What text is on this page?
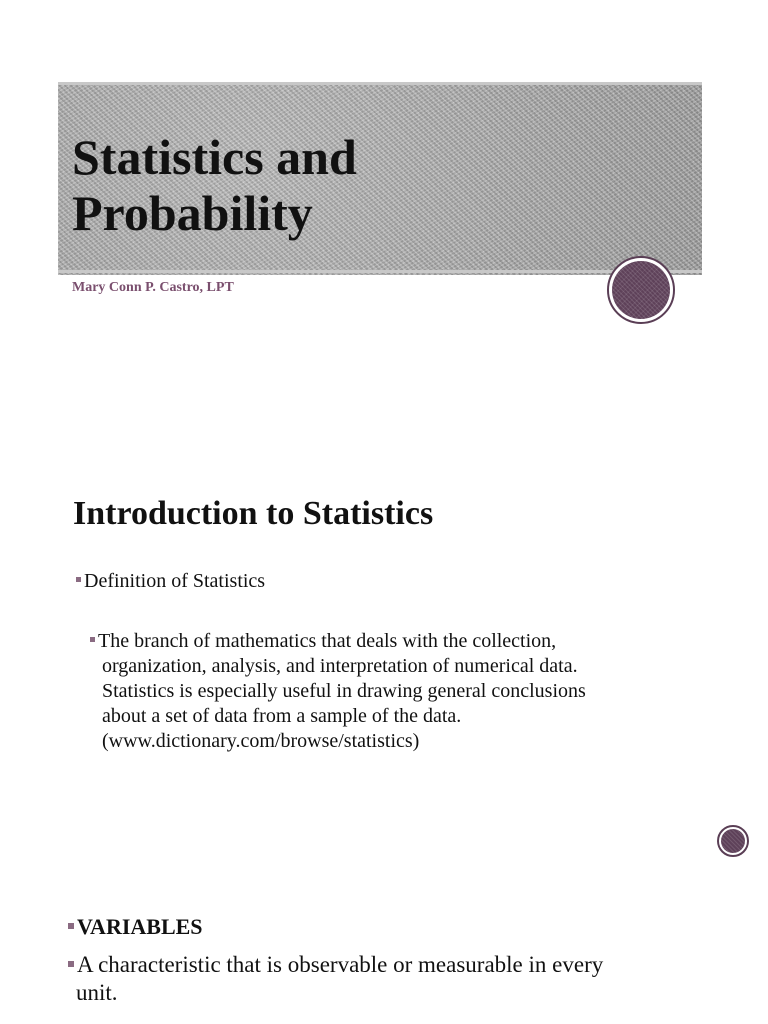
Statistics and
Probability
Mary Conn P. Castro, LPT
Introduction to Statistics
Definition of Statistics
The branch of mathematics that deals with the collection,
organization, analysis, and interpretation of numerical data.
Statistics is especially useful in drawing general conclusions
about a set of data from a sample of the data.
(www.dictionary.com/browse/statistics)
VARIABLES
A characteristic that is observable or measurable in every
unit.
